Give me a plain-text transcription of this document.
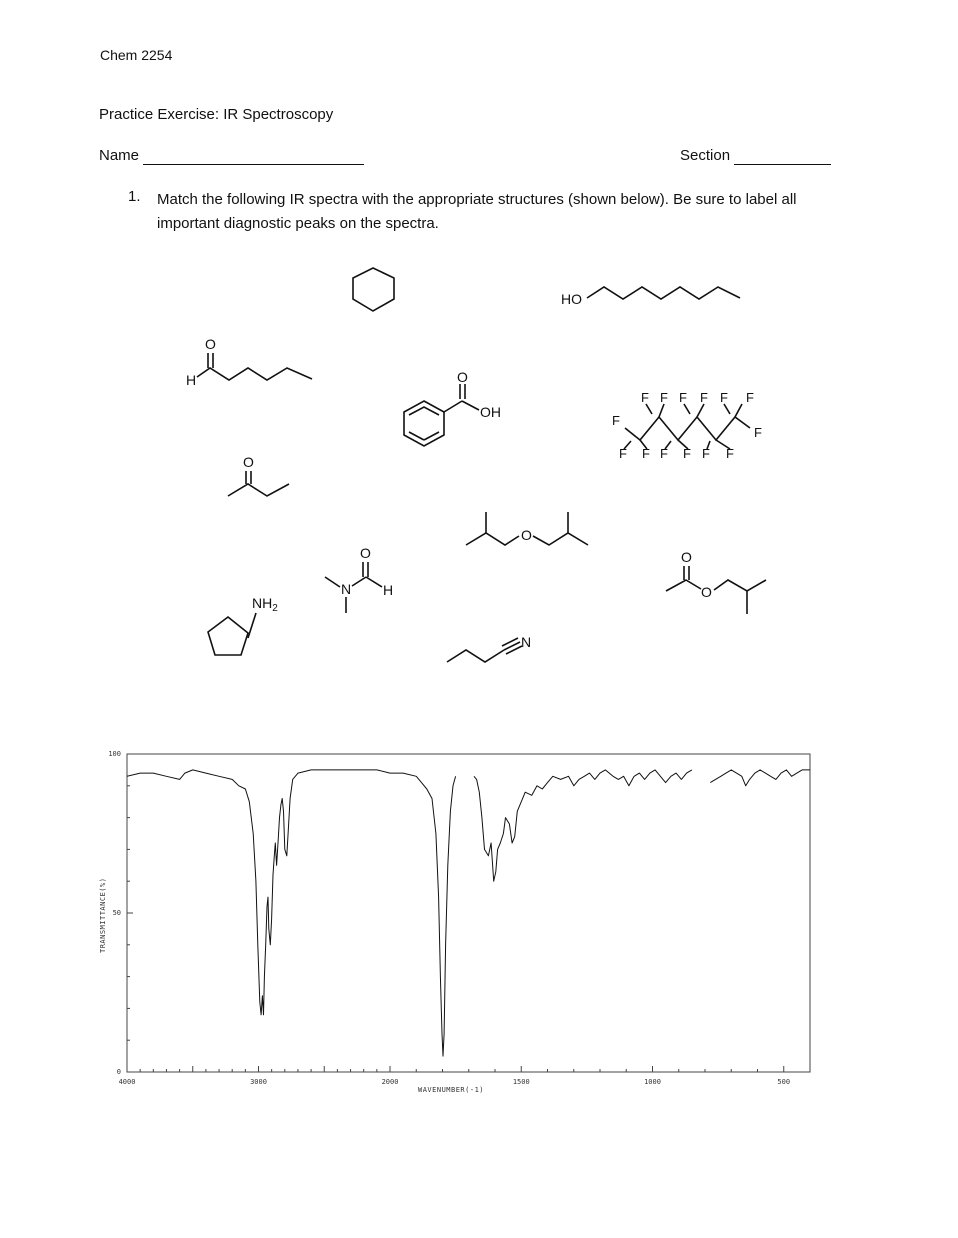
Chem 2254
Practice Exercise: IR Spectroscopy
Name	Section
1. Match the following IR spectra with the appropriate structures (shown below). Be sure to label all important diagnostic peaks on the spectra.
HO
O
H	O
OH
F F F F F F
F
F
F F F F F F
O
O
O
H
N
O
O
$NH_2$
N
4000	3000	2000	1500	1000	500
100
50
0
WAVENUMBER(-1)
TRANSMITTANCE(%)
